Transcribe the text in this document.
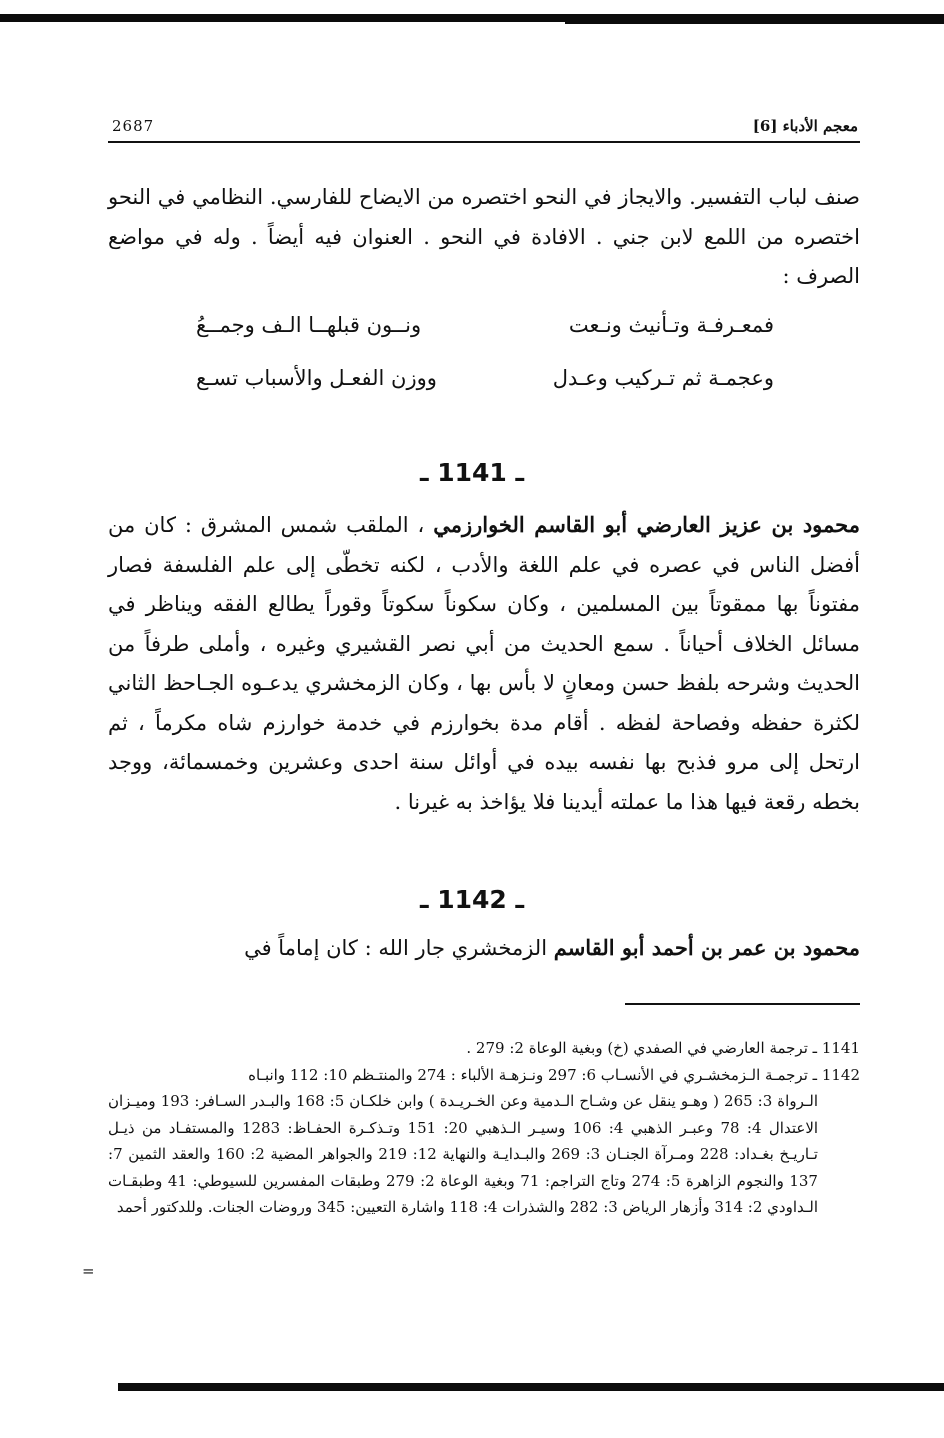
معجم الأدباء [6]
2687
صنف لباب التفسير. والايجاز في النحو اختصره من الايضاح للفارسي. النظامي في النحو اختصره من اللمع لابن جني . الافادة في النحو . العنوان فيه أيضاً . وله في مواضع الصرف :
فمعـرفـة وتـأنيث ونـعت
ونــون قبلهــا الـف وجمــعُ
وعجمـة ثم تـركيب وعـدل
ووزن الفعـل والأسباب تسـع
ـ 1141 ـ
محمود بن عزيز العارضي أبو القاسم الخوارزمي ، الملقب شمس المشرق : كان من أفضل الناس في عصره في علم اللغة والأدب ، لكنه تخطّى إلى علم الفلسفة فصار مفتوناً بها ممقوتاً بين المسلمين ، وكان سكوناً سكوتاً وقوراً يطالع الفقه ويناظر في مسائل الخلاف أحياناً . سمع الحديث من أبي نصر القشيري وغيره ، وأملى طرفاً من الحديث وشرحه بلفظ حسن ومعانٍ لا بأس بها ، وكان الزمخشري يدعـوه الجـاحظ الثاني لكثرة حفظه وفصاحة لفظه . أقام مدة بخوارزم في خدمة خوارزم شاه مكرماً ، ثم ارتحل إلى مرو فذبح بها نفسه بيده في أوائل سنة احدى وعشرين وخمسمائة، ووجد بخطه رقعة فيها هذا ما عملته أيدينا فلا يؤاخذ به غيرنا .
ـ 1142 ـ
محمود بن عمر بن أحمد أبو القاسم الزمخشري جار الله : كان إماماً في
1141 ـ ترجمة العارضي في الصفدي (خ) وبغية الوعاة 2: 279 .
1142 ـ ترجمـة الـزمخشـري في الأنسـاب 6: 297 ونـزهـة الألباء : 274 والمنتـظم 10: 112 وانبـاه
الـرواة 3: 265 ( وهـو ينقل عن وشـاح الـدمية وعن الخـريـدة ) وابن خلكـان 5: 168 والبـدر السـافر: 193 وميـزان الاعتدال 4: 78 وعبـر الذهبي 4: 106 وسيـر الـذهبي 20: 151 وتـذكـرة الحفـاظ: 1283 والمستفـاد من ذيـل تـاريـخ بغـداد: 228 ومـرآة الجنـان 3: 269 والبـدايـة والنهاية 12: 219 والجواهر المضية 2: 160 والعقد الثمين 7: 137 والنجوم الزاهرة 5: 274 وتاج التراجم: 71 وبغية الوعاة 2: 279 وطبقات المفسرين للسيوطي: 41 وطبقـات الـداودي 2: 314 وأزهار الرياض 3: 282 والشذرات 4: 118 واشارة التعيين: 345 وروضات الجنات. وللدكتور أحمد
=
